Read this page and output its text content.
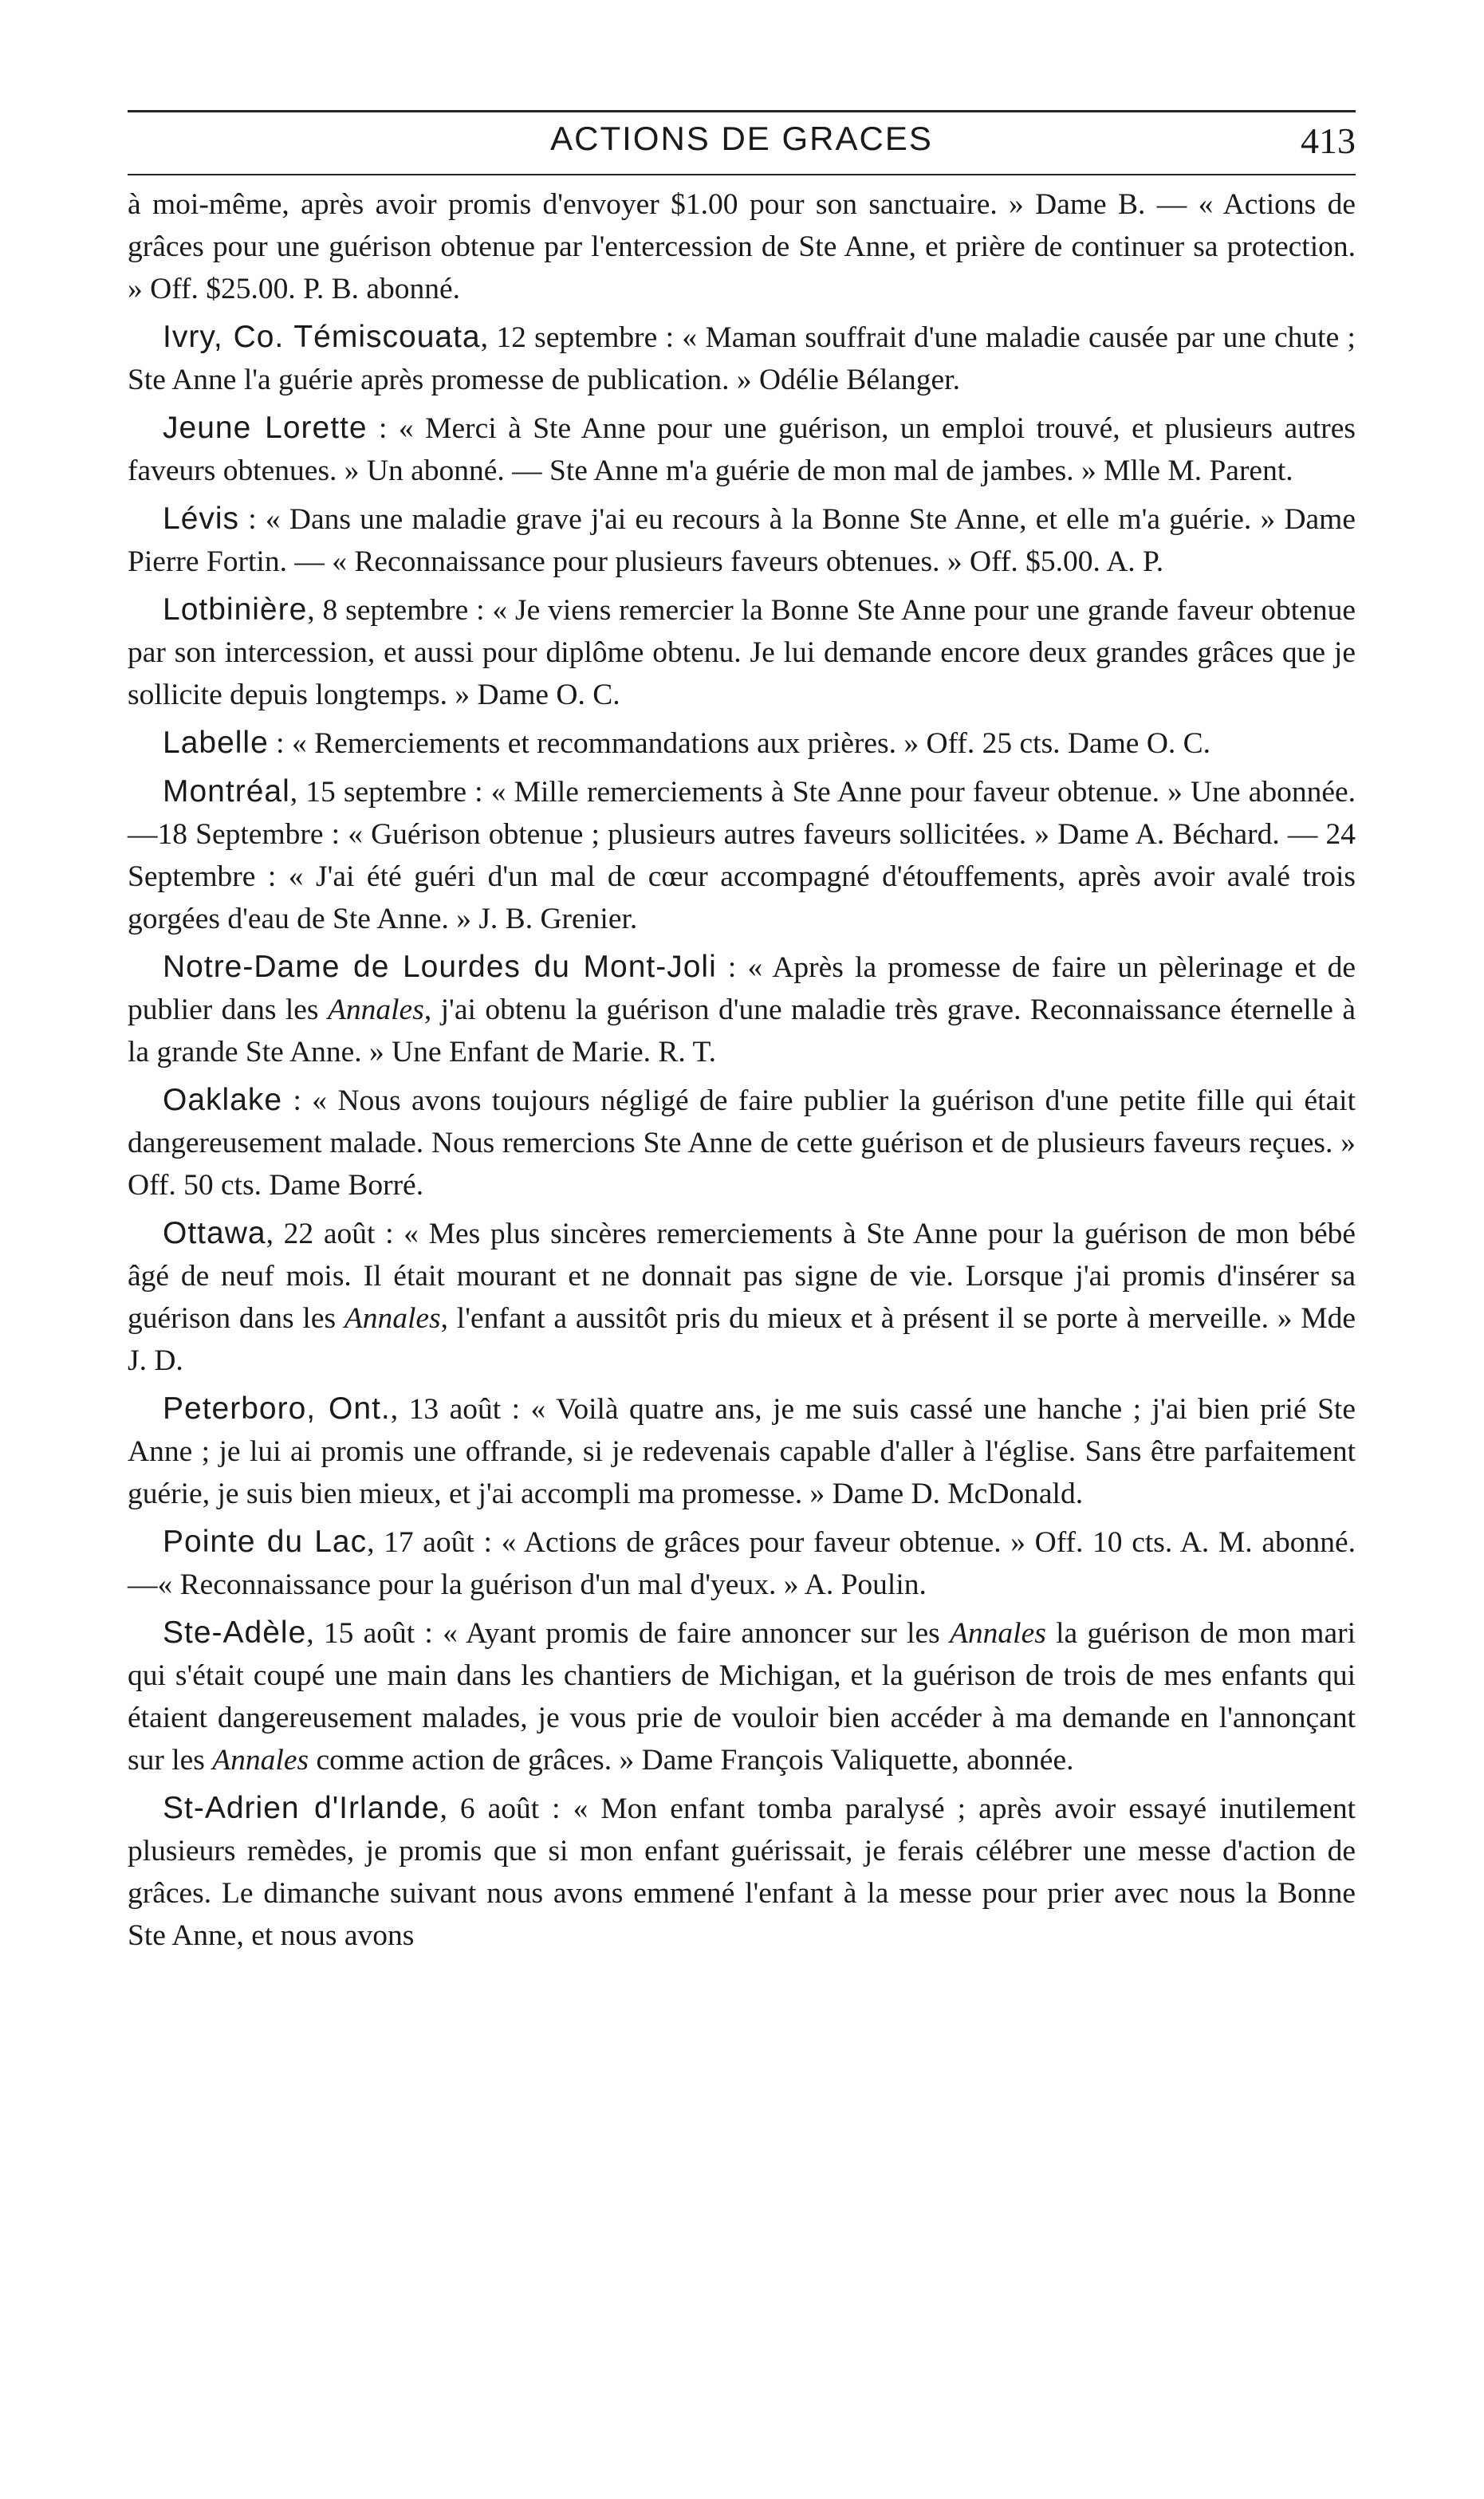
ACTIONS DE GRACES	413

à moi-même, après avoir promis d'envoyer $1.00 pour son sanctuaire. » Dame B. — « Actions de grâces pour une guérison obtenue par l'entercession de Ste Anne, et prière de continuer sa protection. » Off. $25.00. P. B. abonné.

Ivry, Co. Témiscouata, 12 septembre : « Maman souffrait d'une maladie causée par une chute ; Ste Anne l'a guérie après promesse de publication. » Odélie Bélanger.

Jeune Lorette : « Merci à Ste Anne pour une guérison, un emploi trouvé, et plusieurs autres faveurs obtenues. » Un abonné. — Ste Anne m'a guérie de mon mal de jambes. » Mlle M. Parent.

Lévis : « Dans une maladie grave j'ai eu recours à la Bonne Ste Anne, et elle m'a guérie. » Dame Pierre Fortin. — « Reconnaissance pour plusieurs faveurs obtenues. » Off. $5.00. A. P.

Lotbinière, 8 septembre : « Je viens remercier la Bonne Ste Anne pour une grande faveur obtenue par son intercession, et aussi pour diplôme obtenu. Je lui demande encore deux grandes grâces que je sollicite depuis longtemps. » Dame O. C.

Labelle : « Remerciements et recommandations aux prières. » Off. 25 cts. Dame O. C.

Montréal, 15 septembre : « Mille remerciements à Ste Anne pour faveur obtenue. » Une abonnée.—18 Septembre : « Guérison obtenue ; plusieurs autres faveurs sollicitées. » Dame A. Béchard. — 24 Septembre : « J'ai été guéri d'un mal de cœur accompagné d'étouffements, après avoir avalé trois gorgées d'eau de Ste Anne. » J. B. Grenier.

Notre-Dame de Lourdes du Mont-Joli : « Après la promesse de faire un pèlerinage et de publier dans les Annales, j'ai obtenu la guérison d'une maladie très grave. Reconnaissance éternelle à la grande Ste Anne. » Une Enfant de Marie. R. T.

Oaklake : « Nous avons toujours négligé de faire publier la guérison d'une petite fille qui était dangereusement malade. Nous remercions Ste Anne de cette guérison et de plusieurs faveurs reçues. » Off. 50 cts. Dame Borré.

Ottawa, 22 août : « Mes plus sincères remerciements à Ste Anne pour la guérison de mon bébé âgé de neuf mois. Il était mourant et ne donnait pas signe de vie. Lorsque j'ai promis d'insérer sa guérison dans les Annales, l'enfant a aussitôt pris du mieux et à présent il se porte à merveille. » Mde J. D.

Peterboro, Ont., 13 août : « Voilà quatre ans, je me suis cassé une hanche ; j'ai bien prié Ste Anne ; je lui ai promis une offrande, si je redevenais capable d'aller à l'église. Sans être parfaitement guérie, je suis bien mieux, et j'ai accompli ma promesse. » Dame D. McDonald.

Pointe du Lac, 17 août : « Actions de grâces pour faveur obtenue. » Off. 10 cts. A. M. abonné.—« Reconnaissance pour la guérison d'un mal d'yeux. » A. Poulin.

Ste-Adèle, 15 août : « Ayant promis de faire annoncer sur les Annales la guérison de mon mari qui s'était coupé une main dans les chantiers de Michigan, et la guérison de trois de mes enfants qui étaient dangereusement malades, je vous prie de vouloir bien accéder à ma demande en l'annonçant sur les Annales comme action de grâces. » Dame François Valiquette, abonnée.

St-Adrien d'Irlande, 6 août : « Mon enfant tomba paralysé ; après avoir essayé inutilement plusieurs remèdes, je promis que si mon enfant guérissait, je ferais célébrer une messe d'action de grâces. Le dimanche suivant nous avons emmené l'enfant à la messe pour prier avec nous la Bonne Ste Anne, et nous avons
